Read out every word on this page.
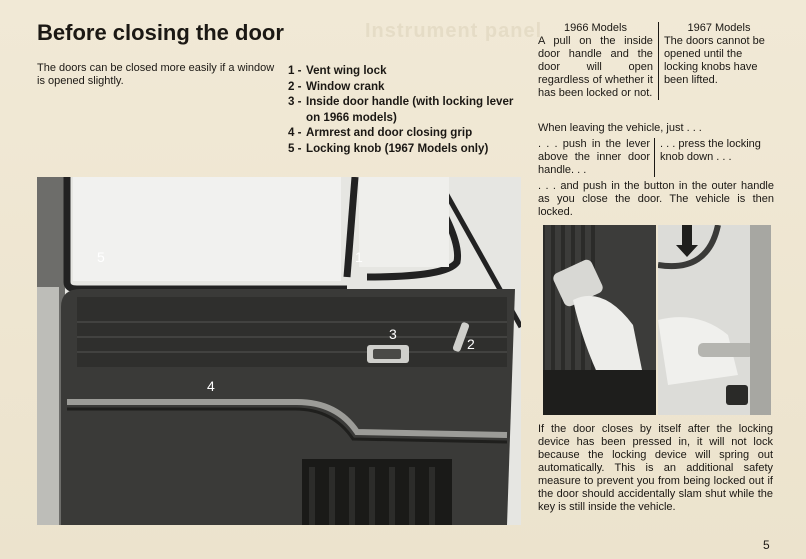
Instrument panel
Before closing the door
The doors can be closed more easily if a window is opened slightly.
1 - Vent wing lock
2 - Window crank
3 - Inside door handle (with locking lever on 1966 models)
4 - Armrest and door closing grip
5 - Locking knob (1967 Models only)
1966 Models
A pull on the inside door handle and the door will open regardless of whether it has been locked or not.
1967 Models
The doors cannot be opened until the locking knobs have been lifted.
When leaving the vehicle, just . . .
. . . push in the lever above the inner door handle. . .
. . . press the locking knob down . . .
. . . and push in the button in the outer handle as you close the door. The vehicle is then locked.
5	1
3
2
4
If the door closes by itself after the locking device has been pressed in, it will not lock because the locking device will spring out automatically. This is an additional safety measure to prevent you from being locked out if the door should accidentally slam shut while the key is still inside the vehicle.
5
